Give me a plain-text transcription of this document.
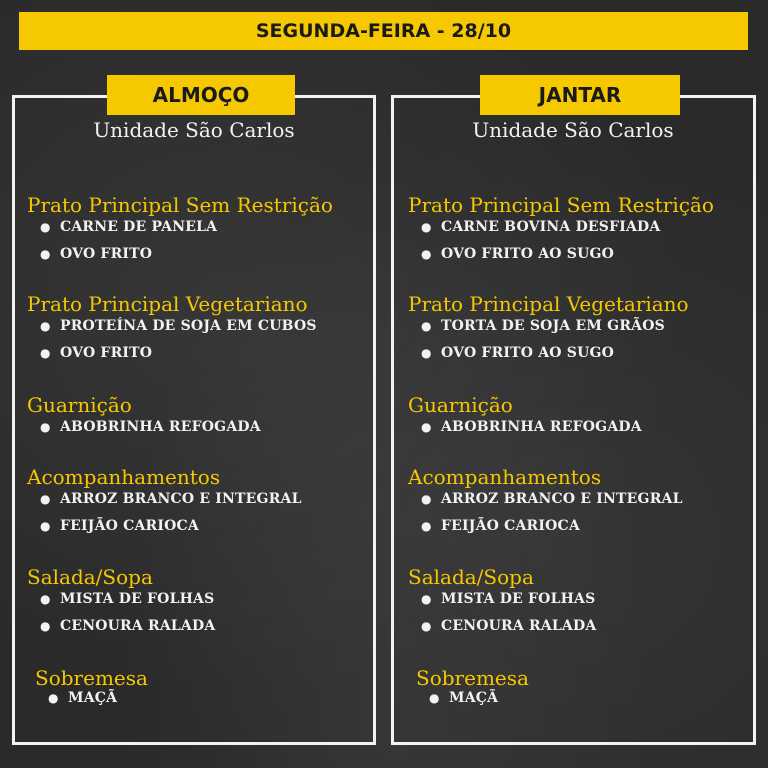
SEGUNDA-FEIRA - 28/10
ALMOÇO	JANTAR
Unidade São Carlos	Unidade São Carlos
Prato Principal Sem Restrição
● CARNE DE PANELA
● OVO FRITO
Prato Principal Vegetariano
● PROTEÍNA DE SOJA EM CUBOS
● OVO FRITO
Guarnição
● ABOBRINHA REFOGADA
Acompanhamentos
● ARROZ BRANCO E INTEGRAL
● FEIJÃO CARIOCA
Salada/Sopa
● MISTA DE FOLHAS
● CENOURA RALADA
Sobremesa
● MAÇÃ
Prato Principal Sem Restrição
● CARNE BOVINA DESFIADA
● OVO FRITO AO SUGO
Prato Principal Vegetariano
● TORTA DE SOJA EM GRÃOS
● OVO FRITO AO SUGO
Guarnição
● ABOBRINHA REFOGADA
Acompanhamentos
● ARROZ BRANCO E INTEGRAL
● FEIJÃO CARIOCA
Salada/Sopa
● MISTA DE FOLHAS
● CENOURA RALADA
Sobremesa
● MAÇÃ
